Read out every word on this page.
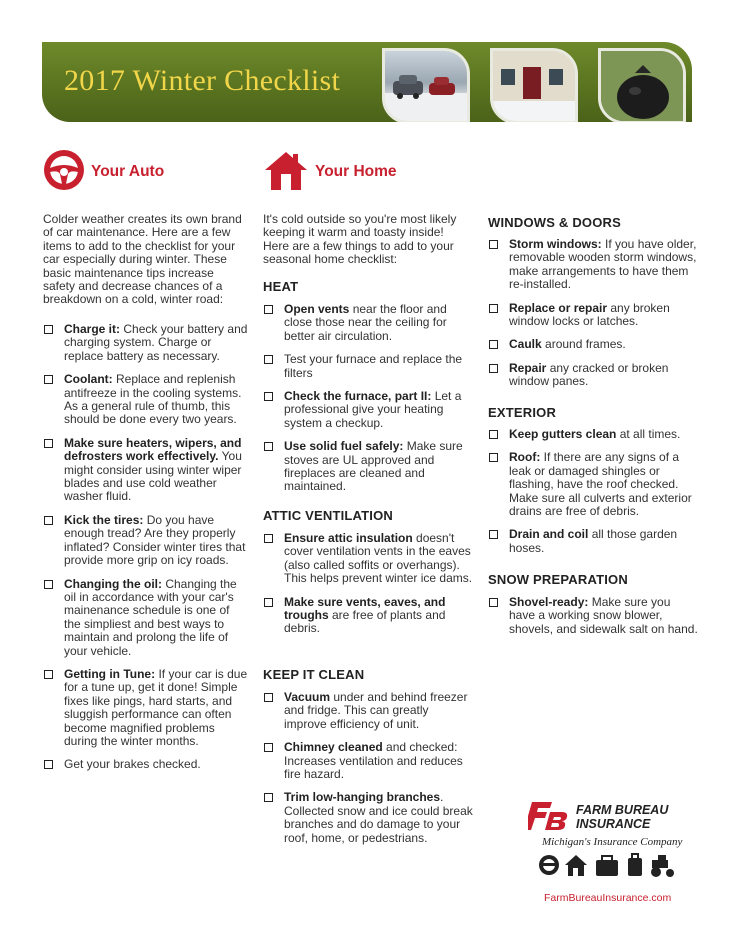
2017 Winter Checklist
Your Auto
Colder weather creates its own brand of car maintenance. Here are a few items to add to the checklist for your car especially during winter. These basic maintenance tips increase safety and decrease chances of a breakdown on a cold, winter road:
Charge it: Check your battery and charging system. Charge or replace battery as necessary.
Coolant: Replace and replenish antifreeze in the cooling systems. As a general rule of thumb, this should be done every two years.
Make sure heaters, wipers, and defrosters work effectively. You might consider using winter wiper blades and use cold weather washer fluid.
Kick the tires: Do you have enough tread? Are they properly inflated? Consider winter tires that provide more grip on icy roads.
Changing the oil: Changing the oil in accordance with your car's mainenance schedule is one of the simpliest and best ways to maintain and prolong the life of your vehicle.
Getting in Tune: If your car is due for a tune up, get it done! Simple fixes like pings, hard starts, and sluggish performance can often become magnified problems during the winter months.
Get your brakes checked.
Your Home
It's cold outside so you're most likely keeping it warm and toasty inside! Here are a few things to add to your seasonal home checklist:
HEAT
Open vents near the floor and close those near the ceiling for better air circulation.
Test your furnace and replace the filters
Check the furnace, part II: Let a professional give your heating system a checkup.
Use solid fuel safely: Make sure stoves are UL approved and fireplaces are cleaned and maintained.
ATTIC VENTILATION
Ensure attic insulation doesn't cover ventilation vents in the eaves (also called soffits or overhangs). This helps prevent winter ice dams.
Make sure vents, eaves, and troughs are free of plants and debris.
KEEP IT CLEAN
Vacuum under and behind freezer and fridge. This can greatly improve efficiency of unit.
Chimney cleaned and checked: Increases ventilation and reduces fire hazard.
Trim low-hanging branches. Collected snow and ice could break branches and do damage to your roof, home, or pedestrians.
WINDOWS & DOORS
Storm windows: If you have older, removable wooden storm windows, make arrangements to have them re-installed.
Replace or repair any broken window locks or latches.
Caulk around frames.
Repair any cracked or broken window panes.
EXTERIOR
Keep gutters clean at all times.
Roof: If there are any signs of a leak or damaged shingles or flashing, have the roof checked. Make sure all culverts and exterior drains are free of debris.
Drain and coil all those garden hoses.
SNOW PREPARATION
Shovel-ready: Make sure you have a working snow blower, shovels, and sidewalk salt on hand.
FARM BUREAU
INSURANCE
Michigan's Insurance Company
FarmBureauInsurance.com
